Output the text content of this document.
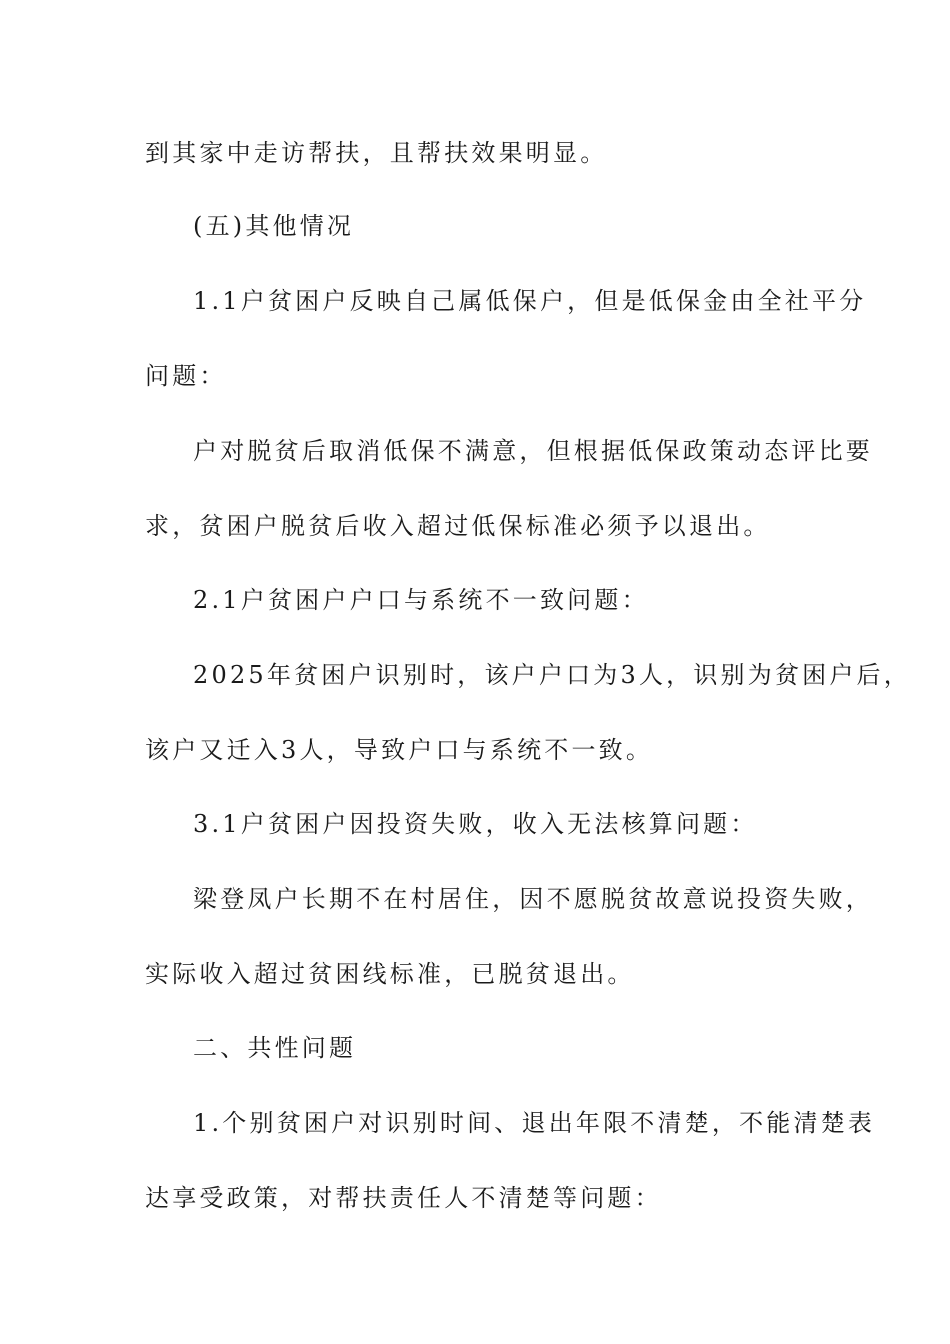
到其家中走访帮扶，且帮扶效果明显。
(五)其他情况
1.1户贫困户反映自己属低保户，但是低保金由全社平分
问题：
户对脱贫后取消低保不满意，但根据低保政策动态评比要
求，贫困户脱贫后收入超过低保标准必须予以退出。
2.1户贫困户户口与系统不一致问题：
2025年贫困户识别时，该户户口为3人，识别为贫困户后，
该户又迁入3人，导致户口与系统不一致。
3.1户贫困户因投资失败，收入无法核算问题：
梁登凤户长期不在村居住，因不愿脱贫故意说投资失败，
实际收入超过贫困线标准，已脱贫退出。
二、共性问题
1.个别贫困户对识别时间、退出年限不清楚，不能清楚表
达享受政策，对帮扶责任人不清楚等问题：
